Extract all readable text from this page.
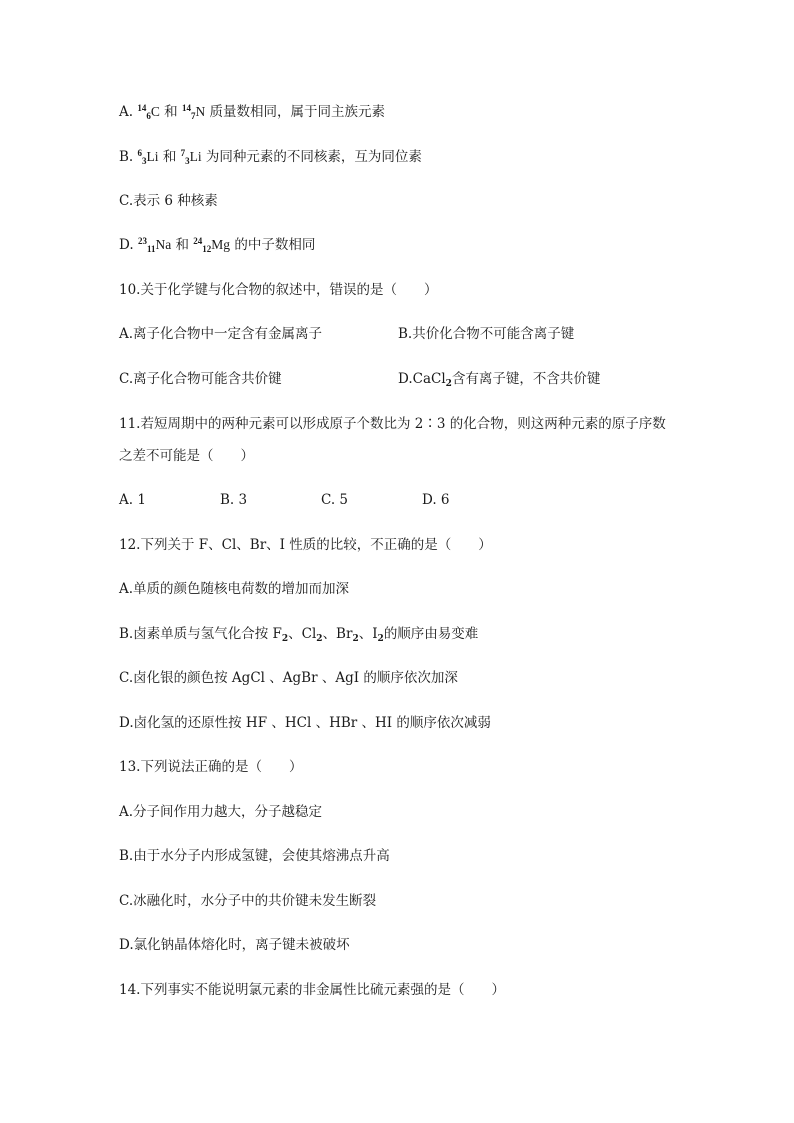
A. $^{14}_6$C 和 $^{14}_7$N 质量数相同，属于同主族元素
B. $^6_3$Li 和 $^7_3$Li 为同种元素的不同核素，互为同位素
C.表示 6 种核素
D. $^{23}_{11}$Na 和 $^{24}_{12}$Mg 的中子数相同
10.关于化学键与化合物的叙述中，错误的是（　　）
A.离子化合物中一定含有金属离子	B.共价化合物不可能含离子键
C.离子化合物可能含共价键	D.CaCl$_2$含有离子键，不含共价键
11.若短周期中的两种元素可以形成原子个数比为 2∶3 的化合物，则这两种元素的原子序数
之差不可能是（　　）
A. 1	B. 3	C. 5	D. 6
12.下列关于 F、Cl、Br、I 性质的比较，不正确的是（　　）
A.单质的颜色随核电荷数的增加而加深
B.卤素单质与氢气化合按 $F_2$、$Cl_2$、$Br_2$、$I_2$的顺序由易变难
C.卤化银的颜色按 AgCl 、AgBr 、AgI 的顺序依次加深
D.卤化氢的还原性按 HF 、HCl 、HBr 、HI 的顺序依次减弱
13.下列说法正确的是（　　）
A.分子间作用力越大，分子越稳定
B.由于水分子内形成氢键，会使其熔沸点升高
C.冰融化时，水分子中的共价键未发生断裂
D.氯化钠晶体熔化时，离子键未被破坏
14.下列事实不能说明氯元素的非金属性比硫元素强的是（　　）
